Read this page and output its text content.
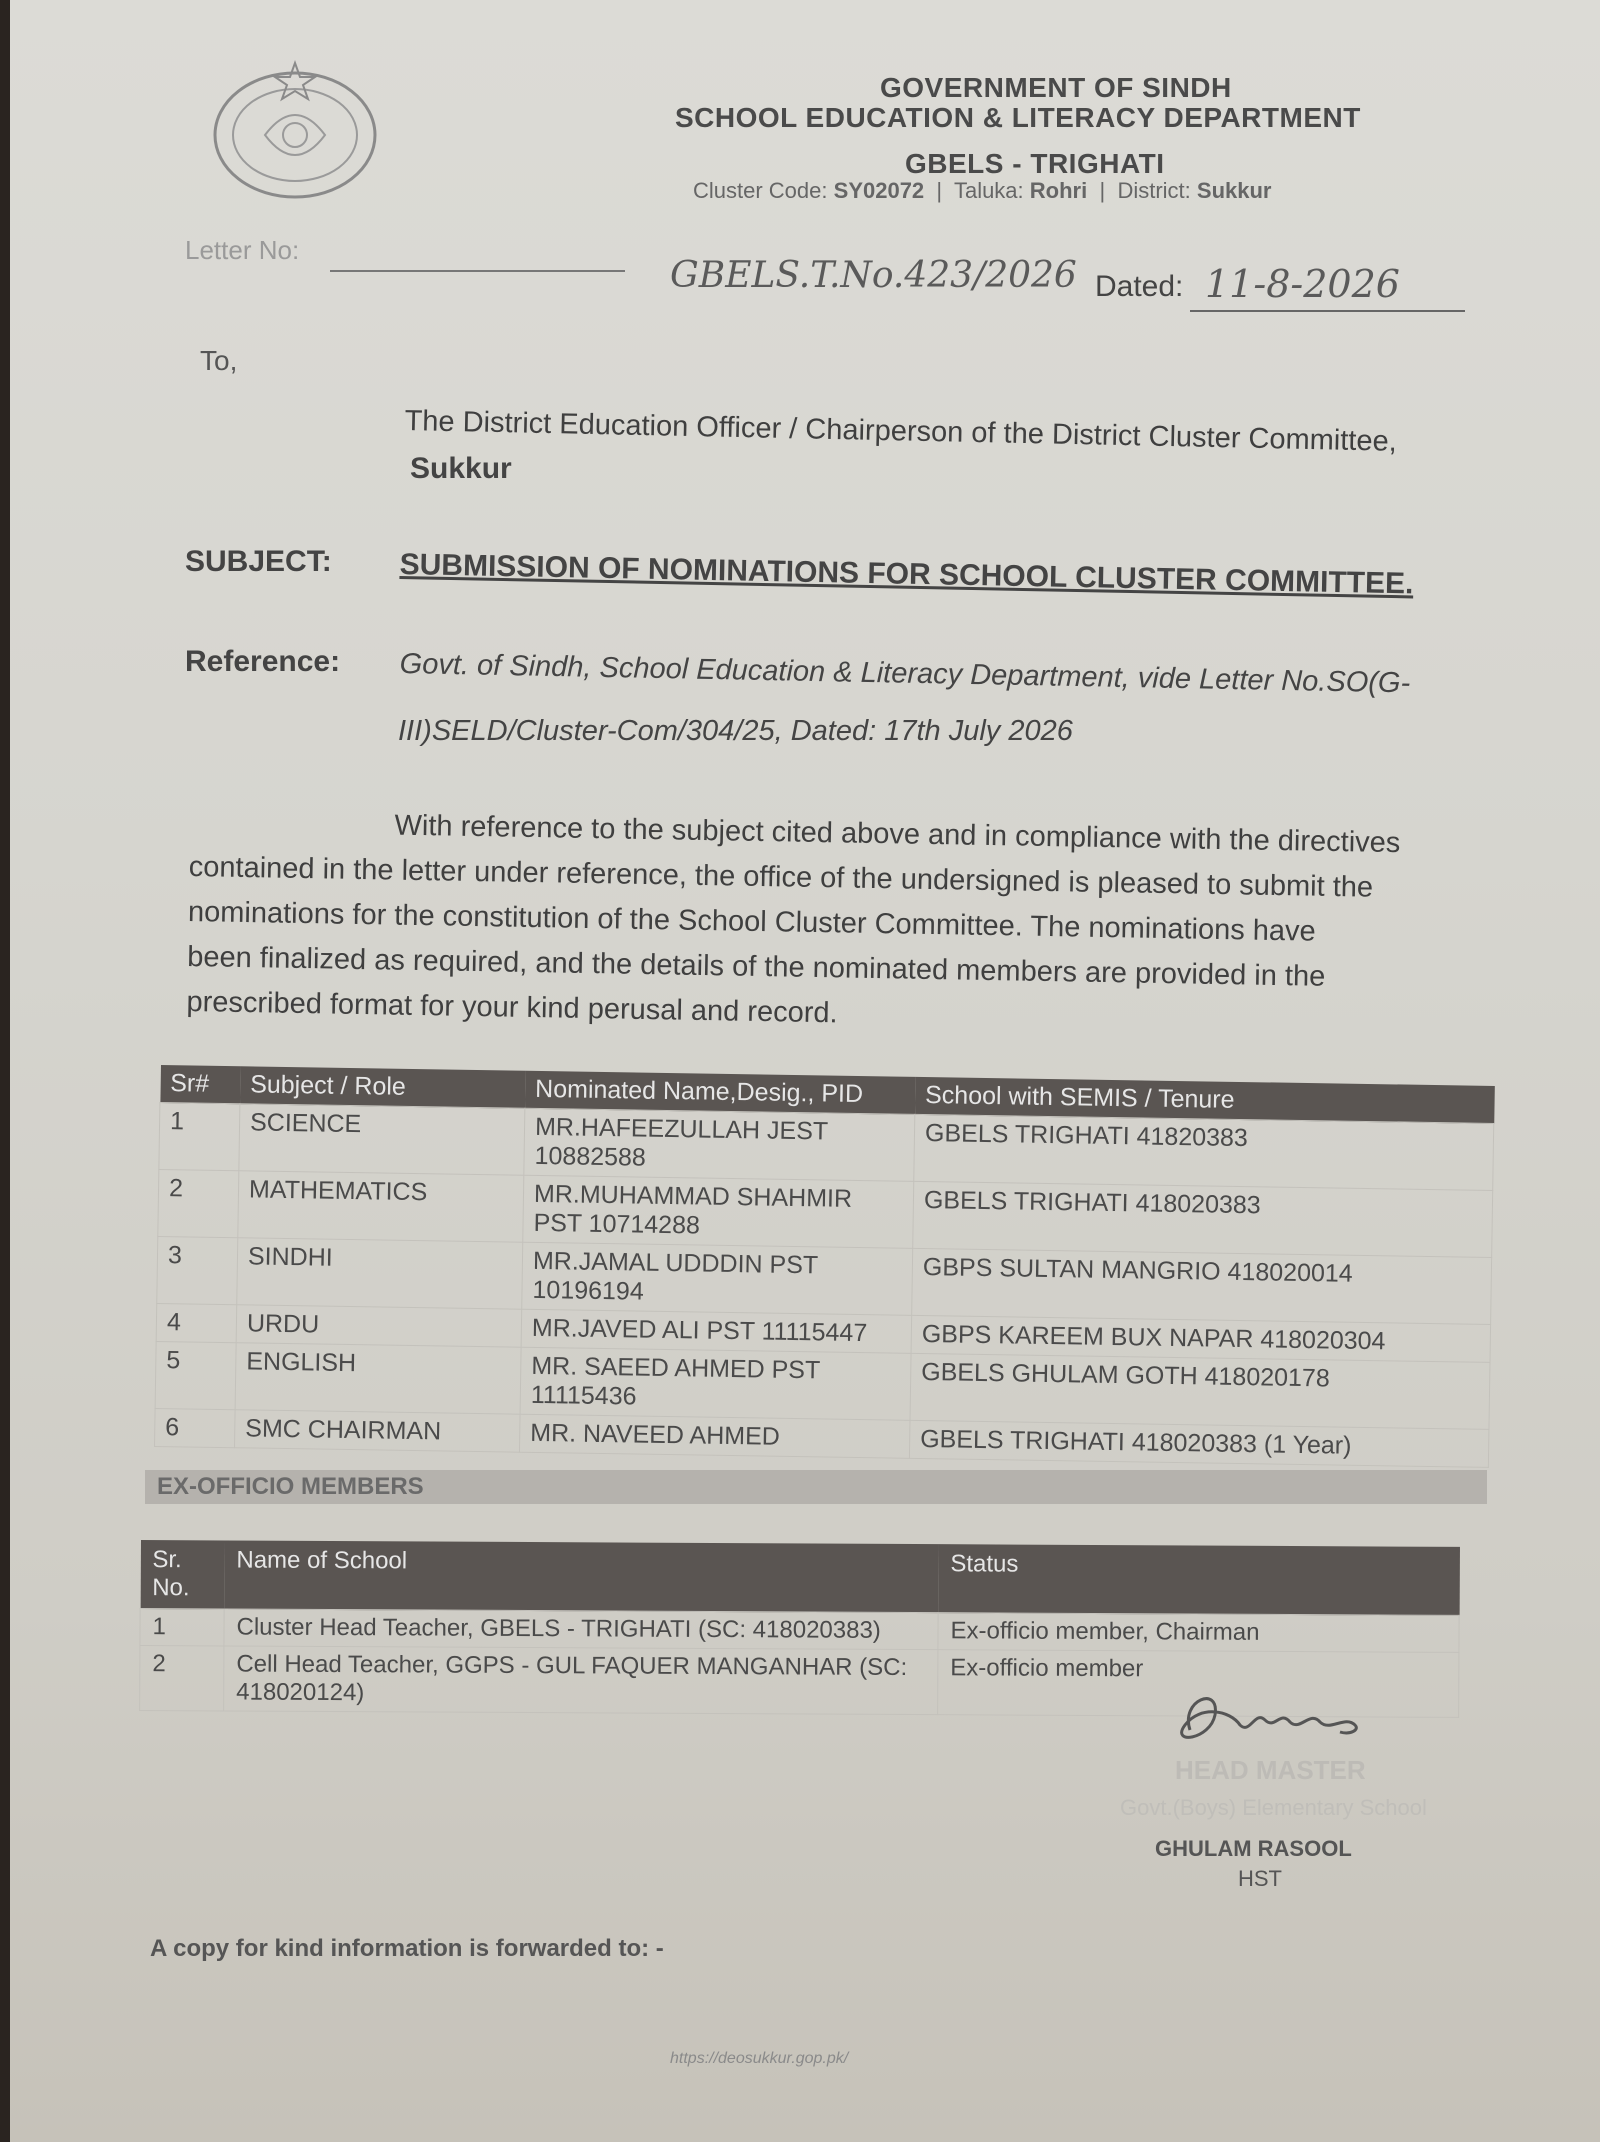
GOVERNMENT OF SINDH
SCHOOL EDUCATION & LITERACY DEPARTMENT
GBELS - TRIGHATI
Cluster Code: SY02072 | Taluka: Rohri | District: Sukkur
Letter No:
GBELS.T.No.423/2026 Dated: 11-8-2026
To,
The District Education Officer / Chairperson of the District Cluster Committee,
Sukkur
SUBJECT: SUBMISSION OF NOMINATIONS FOR SCHOOL CLUSTER COMMITTEE.
Reference: Govt. of Sindh, School Education & Literacy Department, vide Letter No.SO(G-
III)SELD/Cluster-Com/304/25, Dated: 17th July 2026
With reference to the subject cited above and in compliance with the directives
contained in the letter under reference, the office of the undersigned is pleased to submit the
nominations for the constitution of the School Cluster Committee. The nominations have
been finalized as required, and the details of the nominated members are provided in the
prescribed format for your kind perusal and record.
Sr#	Subject / Role	Nominated Name,Desig., PID	School with SEMIS / Tenure
1	SCIENCE	MR.HAFEEZULLAH JEST 10882588	GBELS TRIGHATI 41820383
2	MATHEMATICS	MR.MUHAMMAD SHAHMIR PST 10714288	GBELS TRIGHATI 418020383
3	SINDHI	MR.JAMAL UDDDIN PST 10196194	GBPS SULTAN MANGRIO 418020014
4	URDU	MR.JAVED ALI PST 11115447	GBPS KAREEM BUX NAPAR 418020304
5	ENGLISH	MR. SAEED AHMED PST 11115436	GBELS GHULAM GOTH 418020178
6	SMC CHAIRMAN	MR. NAVEED AHMED	GBELS TRIGHATI 418020383 (1 Year)
EX-OFFICIO MEMBERS
Sr. No.	Name of School	Status
1	Cluster Head Teacher, GBELS - TRIGHATI (SC: 418020383)	Ex-officio member, Chairman
2	Cell Head Teacher, GGPS - GUL FAQUER MANGANHAR (SC: 418020124)	Ex-officio member
HEAD MASTER
Govt.(Boys) Elementary School
GHULAM RASOOL
HST
A copy for kind information is forwarded to: -
https://deosukkur.gop.pk/
